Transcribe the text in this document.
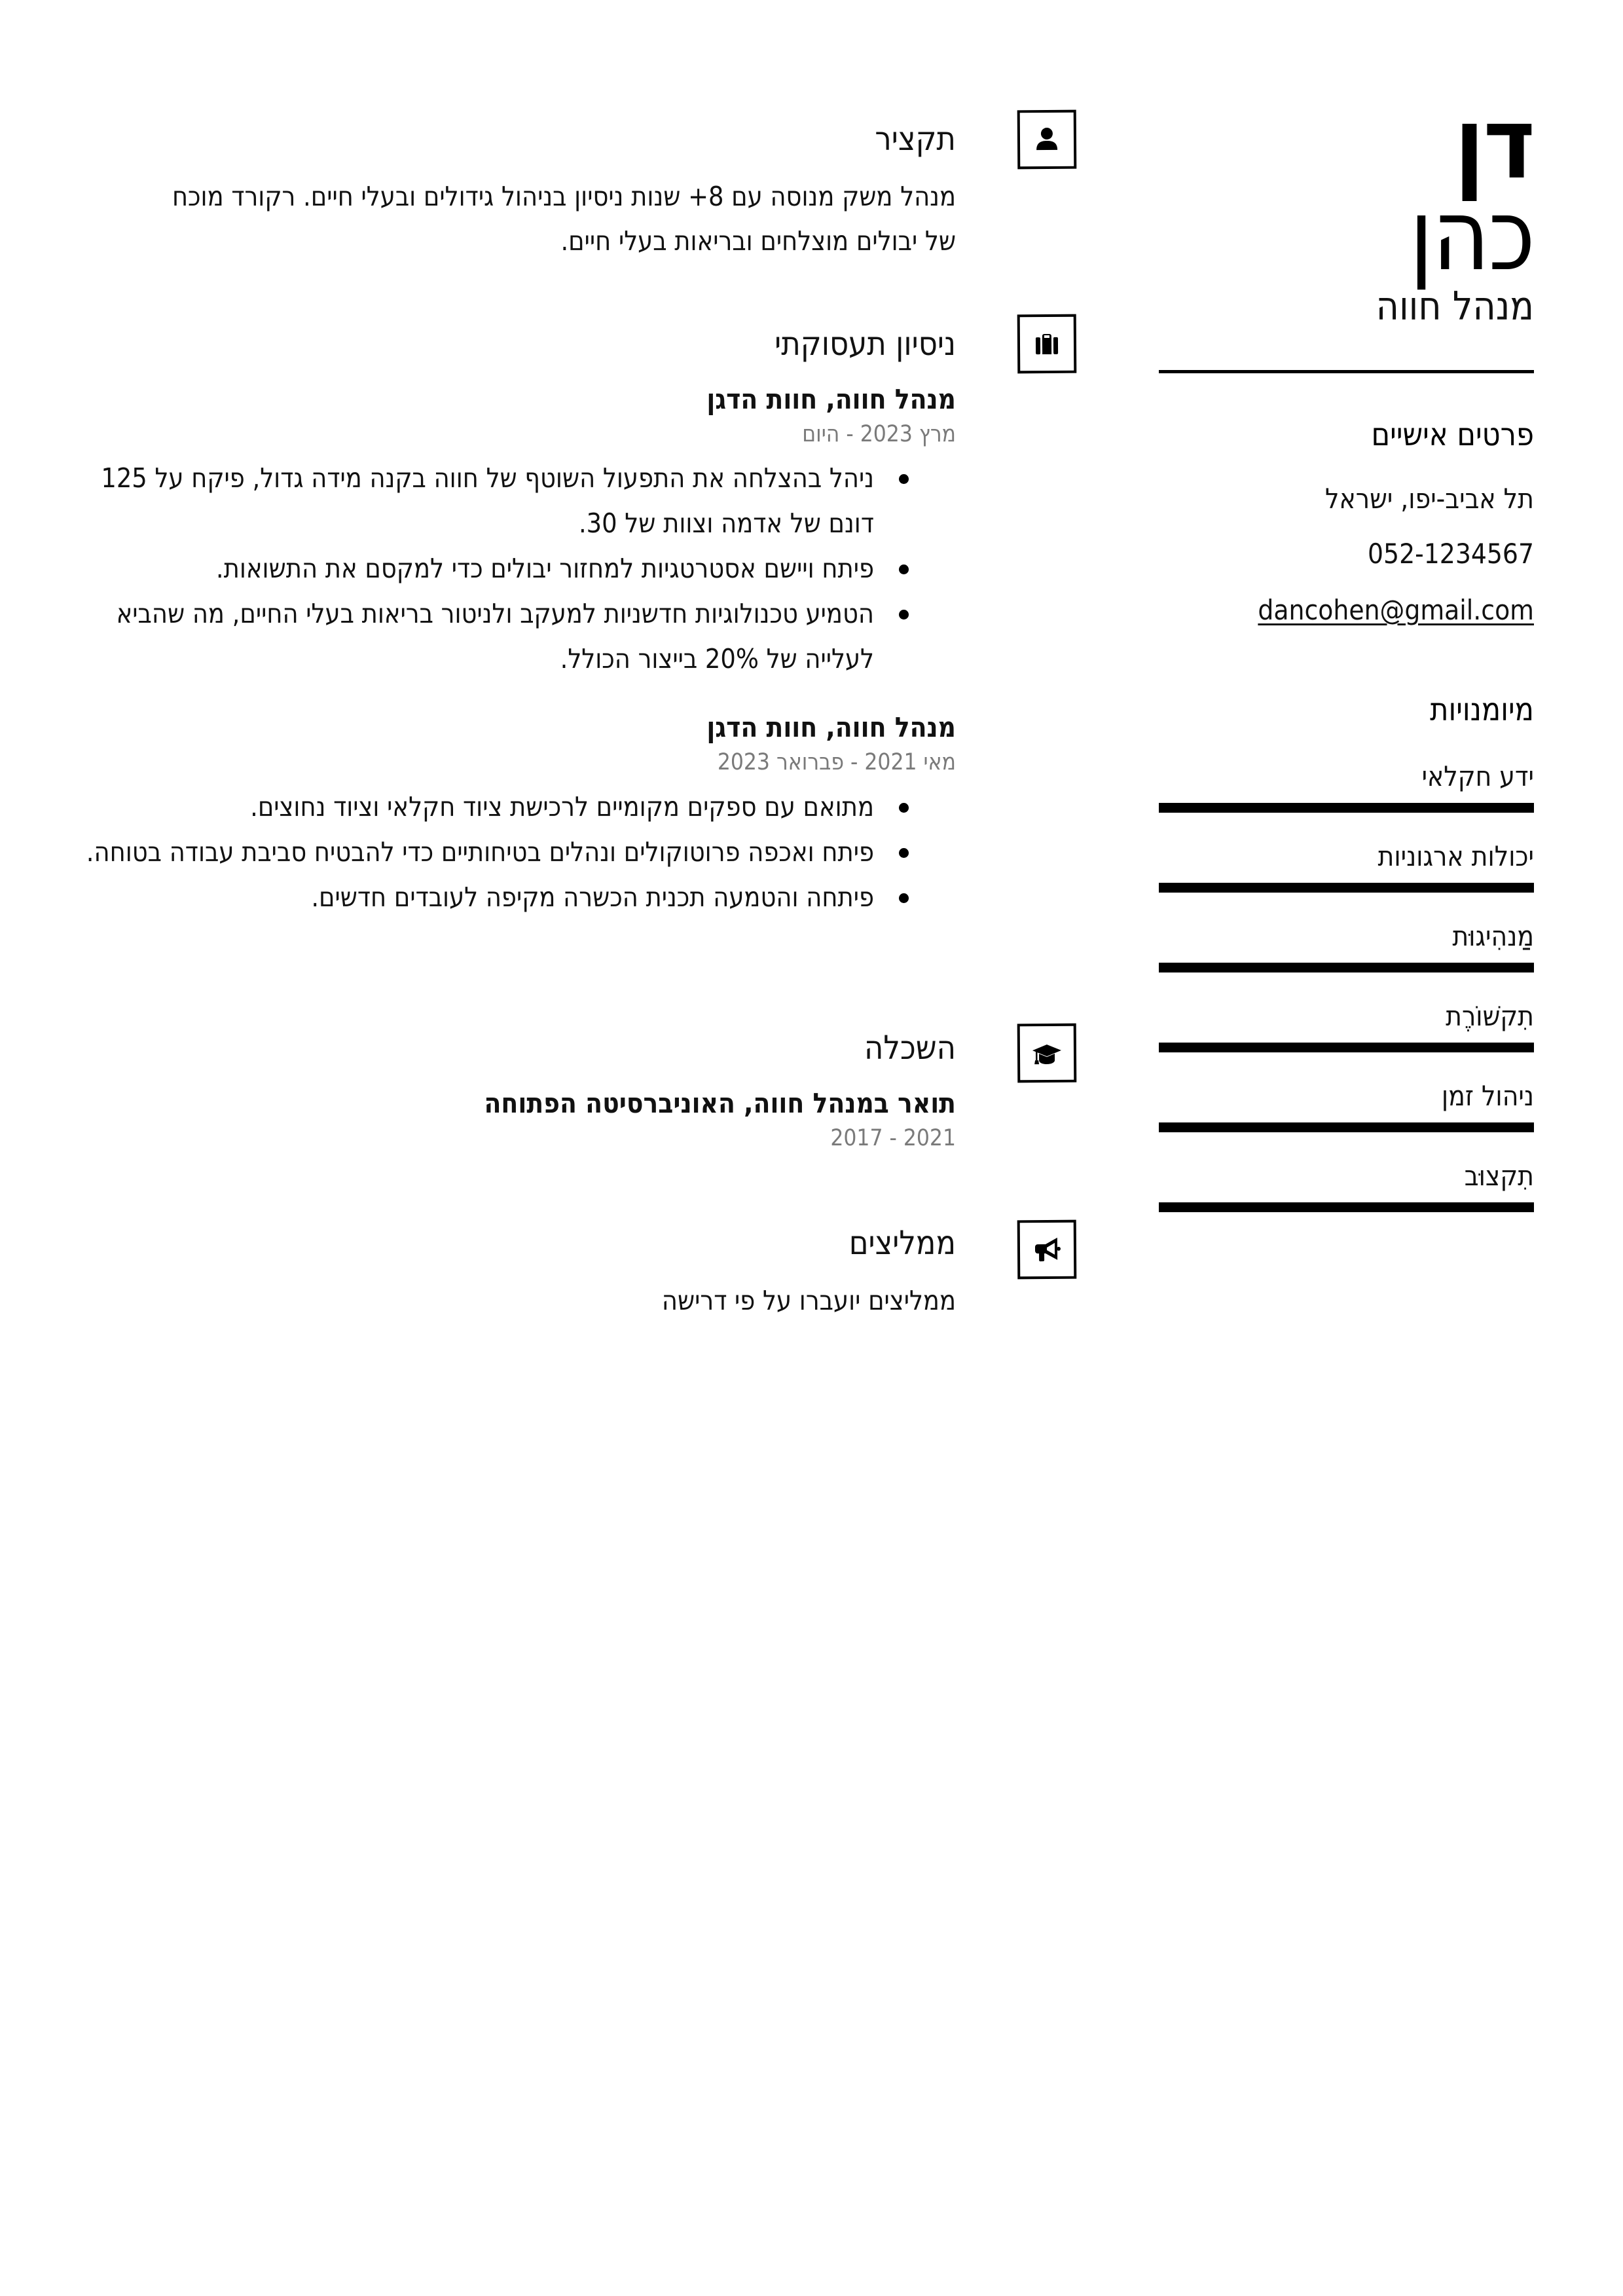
דן
כהן
מנהל חווה
פרטים אישיים
תל אביב-יפו, ישראל
052-1234567
dancohen@gmail.com
מיומנויות
ידע חקלאי
יכולות ארגוניות
מַנהִיגוּת
תִקשׁוֹרֶת
ניהול זמן
תִקצוּב
תקציר

מנהל משק מנוסה עם 8+ שנות ניסיון בניהול גידולים ובעלי חיים. רקורד מוכח של יבולים מוצלחים ובריאות בעלי חיים.

ניסיון תעסוקתי
מנהל חווה, חוות הדגן
מרץ 2023 - היום
ניהל בהצלחה את התפעול השוטף של חווה בקנה מידה גדול, פיקח על 125 דונם של אדמה וצוות של 30.
פיתח ויישם אסטרטגיות למחזור יבולים כדי למקסם את התשואות.
הטמיע טכנולוגיות חדשניות למעקב ולניטור בריאות בעלי החיים, מה שהביא לעלייה של 20% בייצור הכולל.
מנהל חווה, חוות הדגן
מאי 2021 - פברואר 2023
מתואם עם ספקים מקומיים לרכישת ציוד חקלאי וציוד נחוצים.
פיתח ואכפה פרוטוקולים ונהלים בטיחותיים כדי להבטיח סביבת עבודה בטוחה.
פיתחה והטמעה תכנית הכשרה מקיפה לעובדים חדשים.
השכלה
תואר במנהל חווה, האוניברסיטה הפתוחה
2021 - 2017
ממליצים

ממליצים יועברו על פי דרישה
